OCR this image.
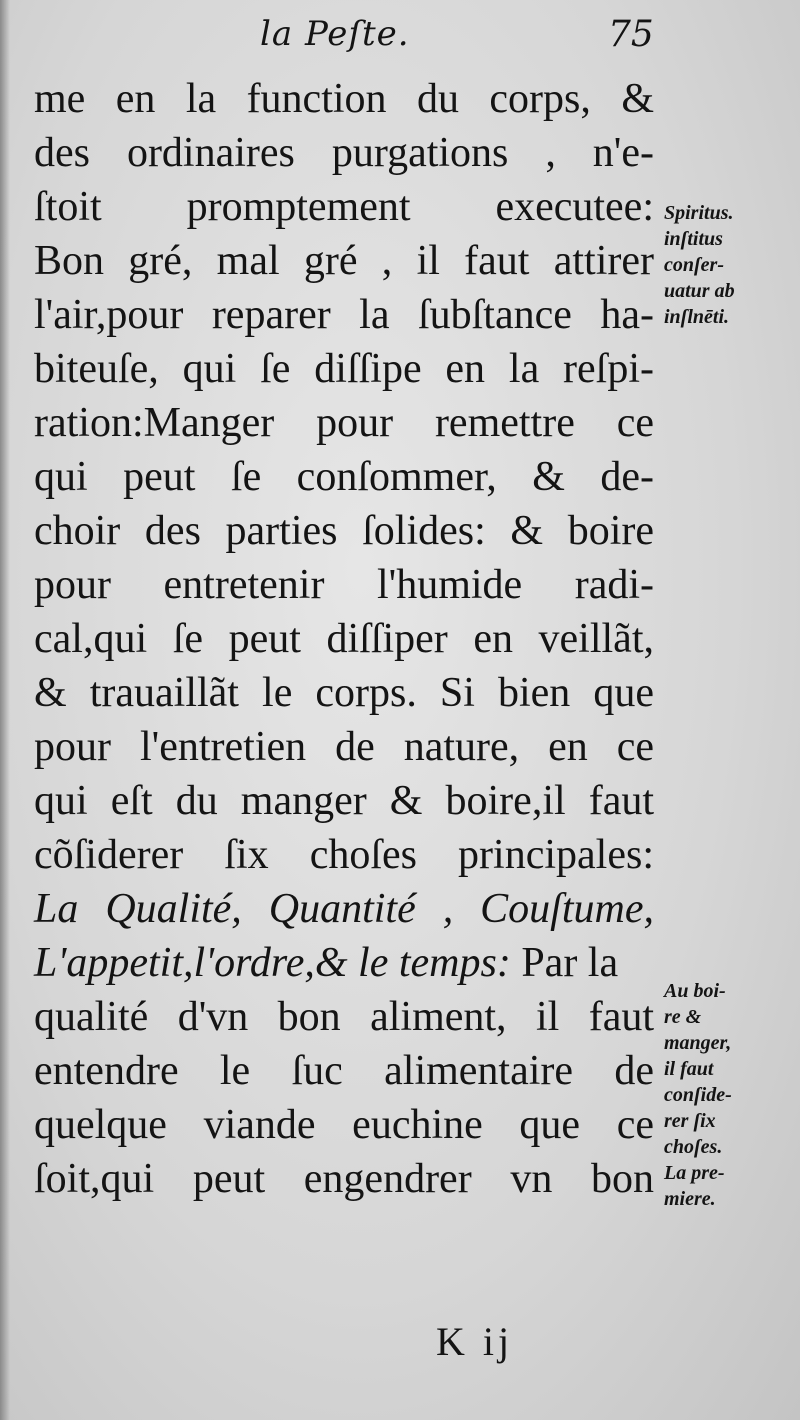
la Peſte.	75
me en la function du corps, &
des ordinaires purgations , n'e-
ſtoit promptement executee:
Bon gré, mal gré , il faut attirer
l'air,pour reparer la ſubſtance ha-
biteuſe, qui ſe diſſipe en la reſpi-
ration:Manger pour remettre ce
qui peut ſe conſommer, & de-
choir des parties ſolides: & boire
pour entretenir l'humide radi-
cal,qui ſe peut diſſiper en veillãt,
& trauaillãt le corps. Si bien que
pour l'entretien de nature, en ce
qui eſt du manger & boire,il faut
cõſiderer ſix choſes principales:
La Qualité, Quantité , Couſtume,
L'appetit,l'ordre,& le temps: Par la
qualité d'vn bon aliment, il faut
entendre le ſuc alimentaire de
quelque viande euchine que ce
ſoit,qui peut engendrer vn bon
K ij
Spiritus.
inſtitus
conſer-
uatur ab
inſlnēti.
Au boi-
re &
manger,
il faut
conſide-
rer ſix
choſes.
La pre-
miere.
